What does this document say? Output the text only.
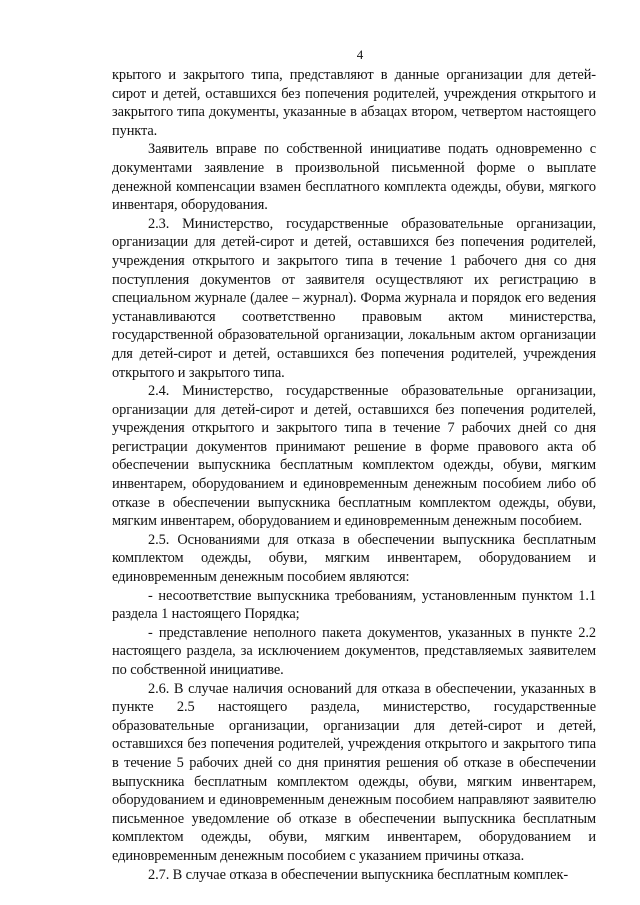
4

крытого и закрытого типа, представляют в данные организации для детей-сирот и детей, оставшихся без попечения родителей, учреждения открытого и закрытого типа документы, указанные в абзацах втором, четвертом настоящего пункта.

Заявитель вправе по собственной инициативе подать одновременно с документами заявление в произвольной письменной форме о выплате денежной компенсации взамен бесплатного комплекта одежды, обуви, мягкого инвентаря, оборудования.

2.3. Министерство, государственные образовательные организации, организации для детей-сирот и детей, оставшихся без попечения родителей, учреждения открытого и закрытого типа в течение 1 рабочего дня со дня поступления документов от заявителя осуществляют их регистрацию в специальном журнале (далее – журнал). Форма журнала и порядок его ведения устанавливаются соответственно правовым актом министерства, государственной образовательной организации, локальным актом организации для детей-сирот и детей, оставшихся без попечения родителей, учреждения открытого и закрытого типа.

2.4. Министерство, государственные образовательные организации, организации для детей-сирот и детей, оставшихся без попечения родителей, учреждения открытого и закрытого типа в течение 7 рабочих дней со дня регистрации документов принимают решение в форме правового акта об обеспечении выпускника бесплатным комплектом одежды, обуви, мягким инвентарем, оборудованием и единовременным денежным пособием либо об отказе в обеспечении выпускника бесплатным комплектом одежды, обуви, мягким инвентарем, оборудованием и единовременным денежным пособием.

2.5. Основаниями для отказа в обеспечении выпускника бесплатным комплектом одежды, обуви, мягким инвентарем, оборудованием и единовременным денежным пособием являются:

- несоответствие выпускника требованиям, установленным пунктом 1.1 раздела 1 настоящего Порядка;

- представление неполного пакета документов, указанных в пункте 2.2 настоящего раздела, за исключением документов, представляемых заявителем по собственной инициативе.

2.6. В случае наличия оснований для отказа в обеспечении, указанных в пункте 2.5 настоящего раздела, министерство, государственные образовательные организации, организации для детей-сирот и детей, оставшихся без попечения родителей, учреждения открытого и закрытого типа в течение 5 рабочих дней со дня принятия решения об отказе в обеспечении выпускника бесплатным комплектом одежды, обуви, мягким инвентарем, оборудованием и единовременным денежным пособием направляют заявителю письменное уведомление об отказе в обеспечении выпускника бесплатным комплектом одежды, обуви, мягким инвентарем, оборудованием и единовременным денежным пособием с указанием причины отказа.

2.7. В случае отказа в обеспечении выпускника бесплатным комплек-
